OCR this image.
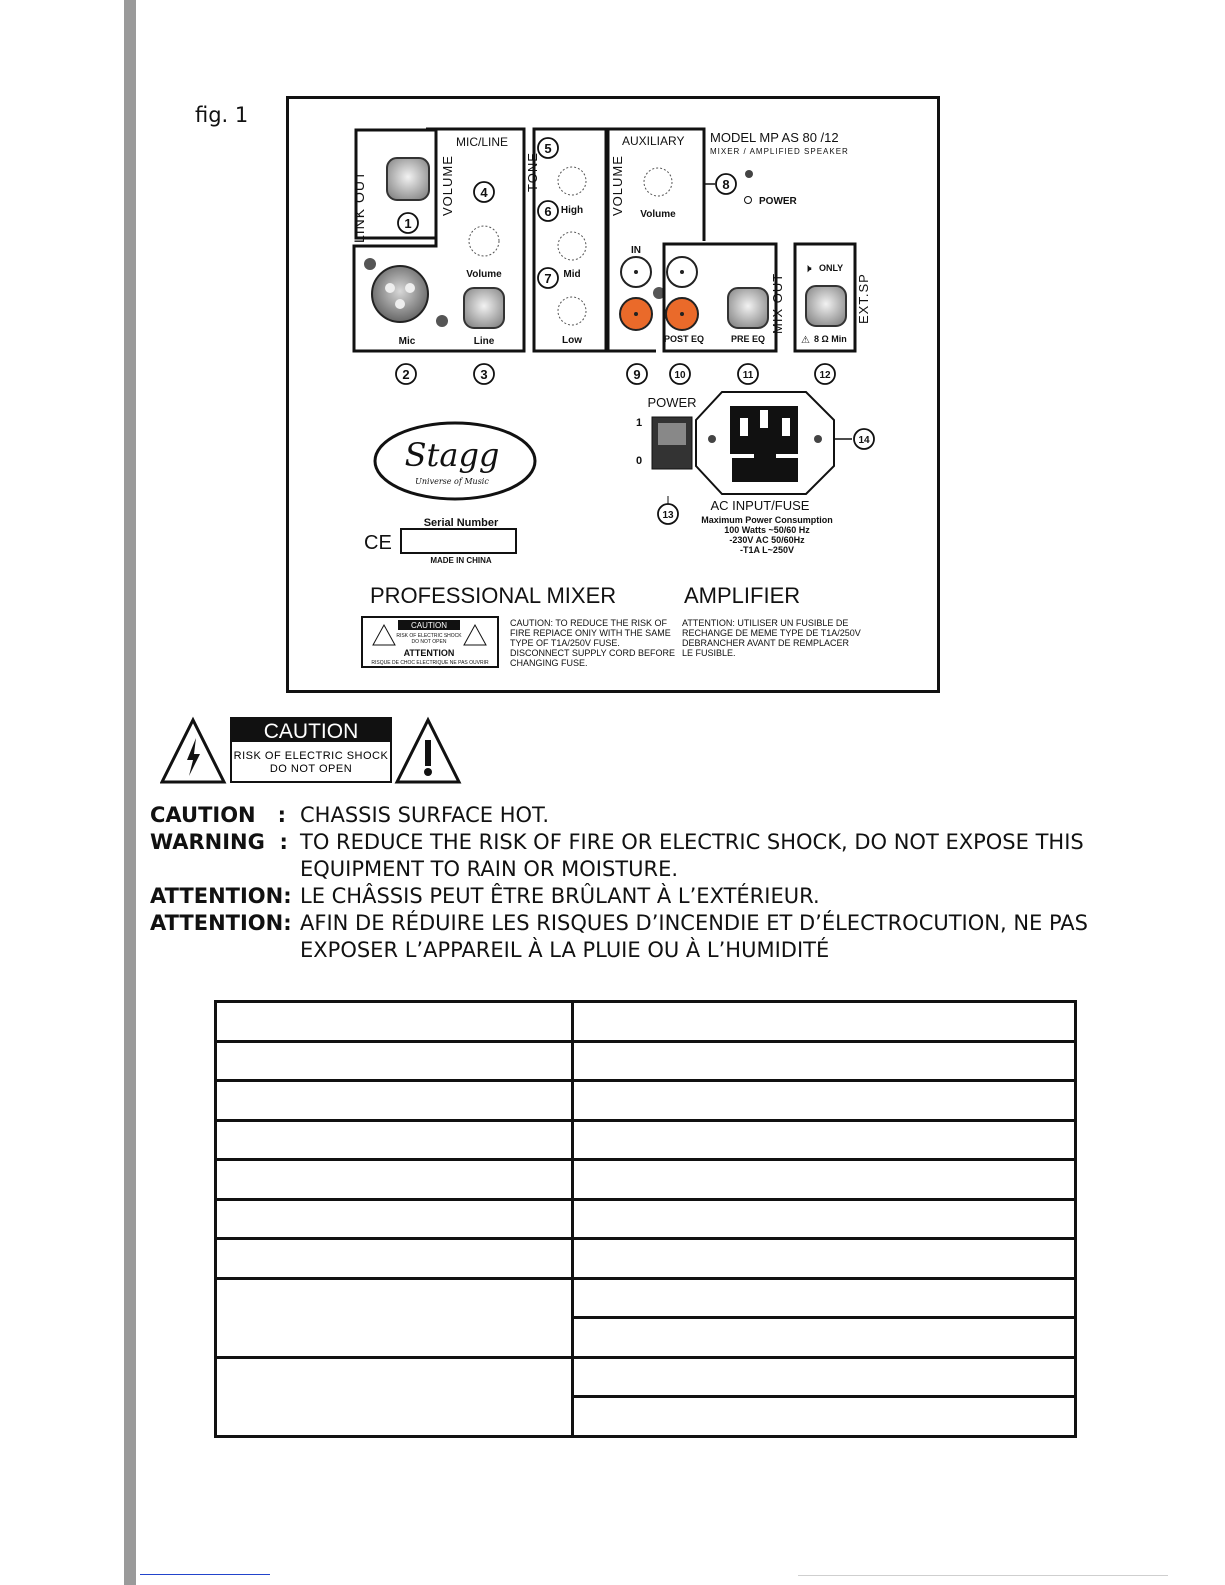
fig. 1
LINK OUT	1
MIC/LINE
VOLUME 4
Volume
Mic	Line
TONE
5
6 High
7 Mid
Low
AUXILIARY
VOLUME Volume
IN
MODEL MP AS 80 /12
MIXER / AMPLIFIED SPEAKER
8
POWER
POST EQ	PRE EQ
MIX OUT
🕨 ONLY
EXT.SP
⚠ 8 Ω Min
2	3	9	10	11	12
POWER
1
0
13
14
AC INPUT/FUSE
Maximum Power Consumption
100 Watts ~50/60 Hz
-230V AC 50/60Hz
-T1A L~250V
Stagg
Universe of Music
CE
Serial Number
MADE IN CHINA
PROFESSIONAL MIXER	AMPLIFIER
CAUTION
RISK OF ELECTRIC SHOCK
DO NOT OPEN
ATTENTION
RISQUE DE CHOC ELECTRIQUE NE PAS OUVRIR
CAUTION: TO REDUCE THE RISK OF FIRE REPIACE ONIY WITH THE SAME TYPE OF T1A/250V FUSE. DISCONNECT SUPPLY CORD BEFORE CHANGING FUSE.
ATTENTION: UTILISER UN FUSIBLE DE RECHANGE DE MEME TYPE DE T1A/250V DEBRANCHER AVANT DE REMPLACER LE FUSIBLE.
CAUTION
RISK OF ELECTRIC SHOCK
DO NOT OPEN
CAUTION   : CHASSIS SURFACE HOT.
WARNING  : TO REDUCE THE RISK OF FIRE OR ELECTRIC SHOCK, DO NOT EXPOSE THIS EQUIPMENT TO RAIN OR MOISTURE.
ATTENTION: LE CHÂSSIS PEUT ÊTRE BRÛLANT À L’EXTÉRIEUR.
ATTENTION: AFIN DE RÉDUIRE LES RISQUES D’INCENDIE ET D’ÉLECTROCUTION, NE PAS EXPOSER L’APPAREIL À LA PLUIE OU À L’HUMIDITÉ
